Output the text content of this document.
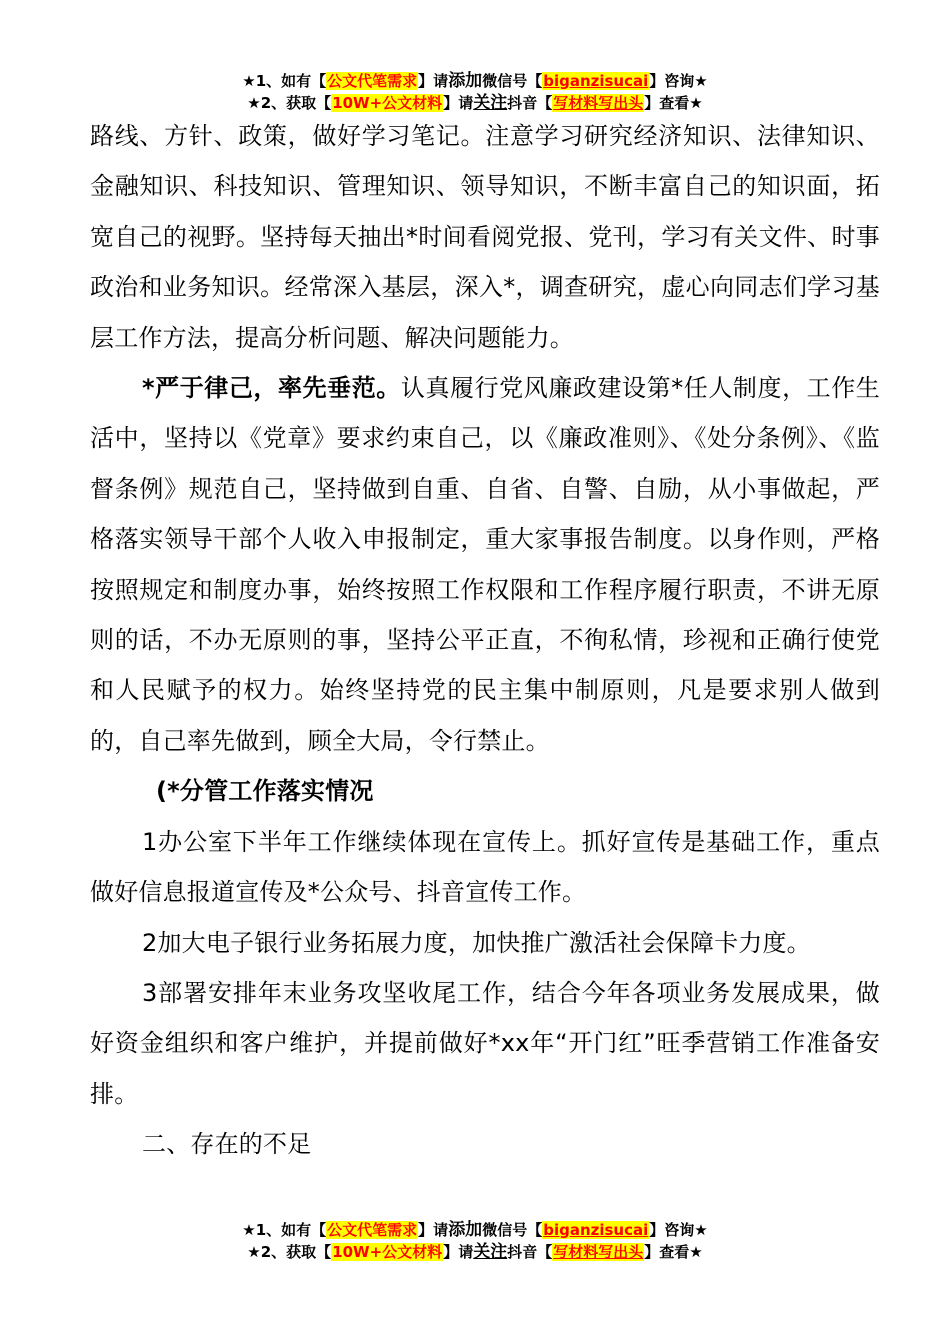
★1、如有【公文代笔需求】请添加微信号【biganzisucai】咨询★
★2、获取【10W+公文材料】请关注抖音【写材料写出头】查看★

路线、方针、政策，做好学习笔记。注意学习研究经济知识、法律知识、金融知识、科技知识、管理知识、领导知识，不断丰富自己的知识面，拓宽自己的视野。坚持每天抽出*时间看阅党报、党刊，学习有关文件、时事政治和业务知识。经常深入基层，深入*，调查研究，虚心向同志们学习基层工作方法，提高分析问题、解决问题能力。

*严于律己，率先垂范。认真履行党风廉政建设第*任人制度，工作生活中，坚持以《党章》要求约束自己，以《廉政准则》、《处分条例》、《监督条例》规范自己，坚持做到自重、自省、自警、自励，从小事做起，严格落实领导干部个人收入申报制定，重大家事报告制度。以身作则，严格按照规定和制度办事，始终按照工作权限和工作程序履行职责，不讲无原则的话，不办无原则的事，坚持公平正直，不徇私情，珍视和正确行使党和人民赋予的权力。始终坚持党的民主集中制原则，凡是要求别人做到的，自己率先做到，顾全大局，令行禁止。

(*分管工作落实情况

1办公室下半年工作继续体现在宣传上。抓好宣传是基础工作，重点做好信息报道宣传及*公众号、抖音宣传工作。

2加大电子银行业务拓展力度，加快推广激活社会保障卡力度。

3部署安排年末业务攻坚收尾工作，结合今年各项业务发展成果，做好资金组织和客户维护，并提前做好*xx年“开门红”旺季营销工作准备安排。

二、存在的不足

★1、如有【公文代笔需求】请添加微信号【biganzisucai】咨询★
★2、获取【10W+公文材料】请关注抖音【写材料写出头】查看★
